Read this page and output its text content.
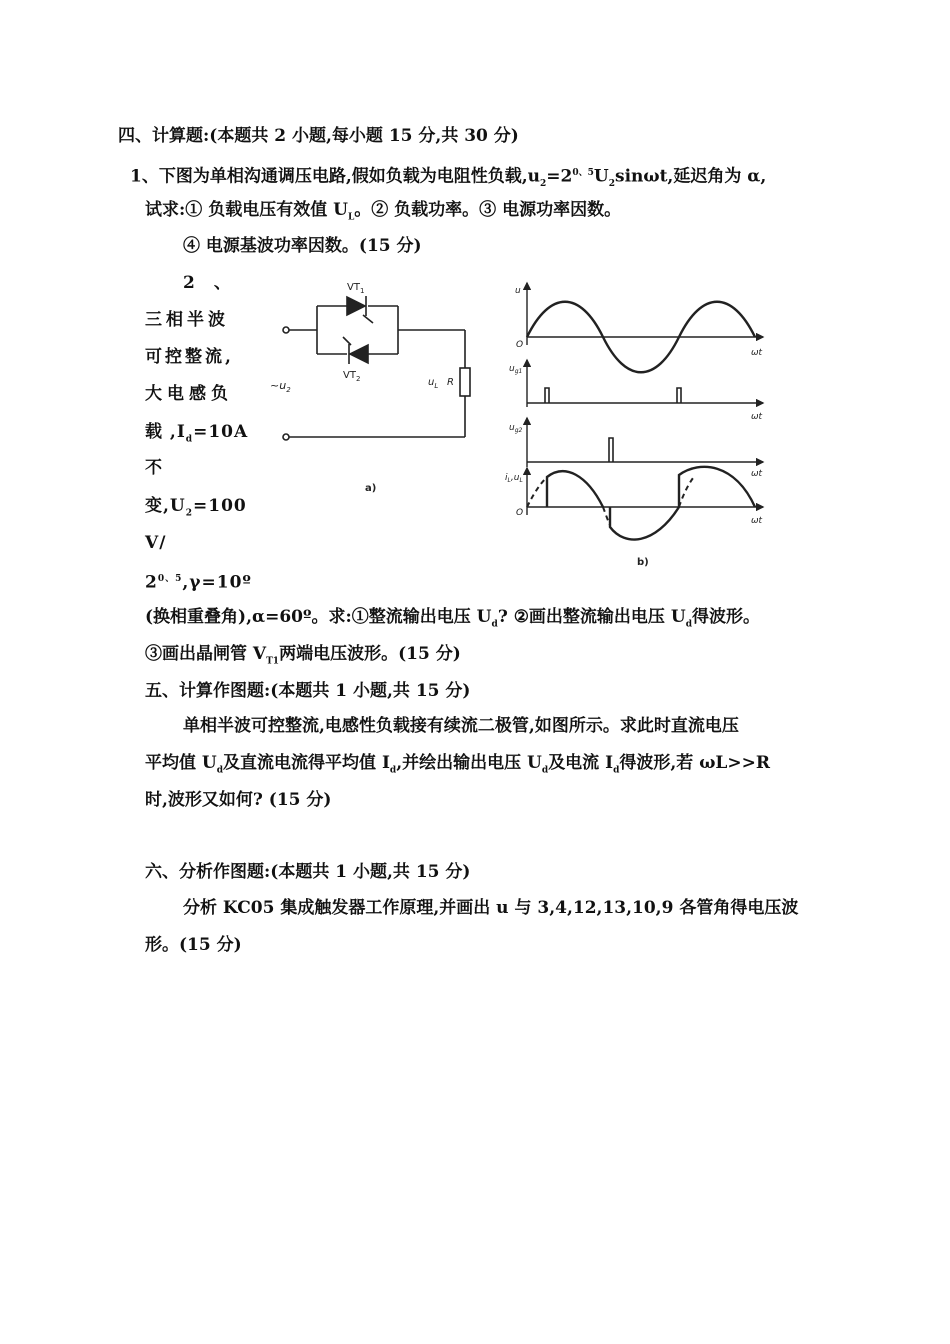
四、计算题:(本题共 2 小题,每小题 15 分,共 30 分)
1、下图为单相沟通调压电路,假如负载为电阻性负载$,u_2=2^{0、5}U_2\sin\omega t$,延迟角为 α,
试求:① 负载电压有效值 $U_L$。② 负载功率。③ 电源功率因数。
④ 电源基波功率因数。(15 分)
2　、
三相半波
可控整流,
大电感负
载 $,I_d=10A$
不
变$,U_2=100$
V/
$2^{0、5},\gamma=10º$
(换相重叠角),α=60º。求:①整流输出电压 $U_d$? ②画出整流输出电压 $U_d$得波形。
③画出晶闸管 $V_{T1}$两端电压波形。(15 分)
$VT_1$
$VT_2$
$\sim u_2$
$u_L$ R
a)
u
$u_{g1}$
$u_{g2}$
$i_L,u_L$
O
O
ωt
ωt
ωt
ωt
b)
五、计算作图题:(本题共 1 小题,共 15 分)
单相半波可控整流,电感性负载接有续流二极管,如图所示。求此时直流电压
平均值 $U_d$及直流电流得平均值 $I_d$,并绘出输出电压 $U_d$及电流 $I_d$得波形,若 ωL>>R
时,波形又如何? (15 分)
六、分析作图题:(本题共 1 小题,共 15 分)
分析 KC05 集成触发器工作原理,并画出 u 与 3,4,12,13,10,9 各管角得电压波
形。(15 分)
